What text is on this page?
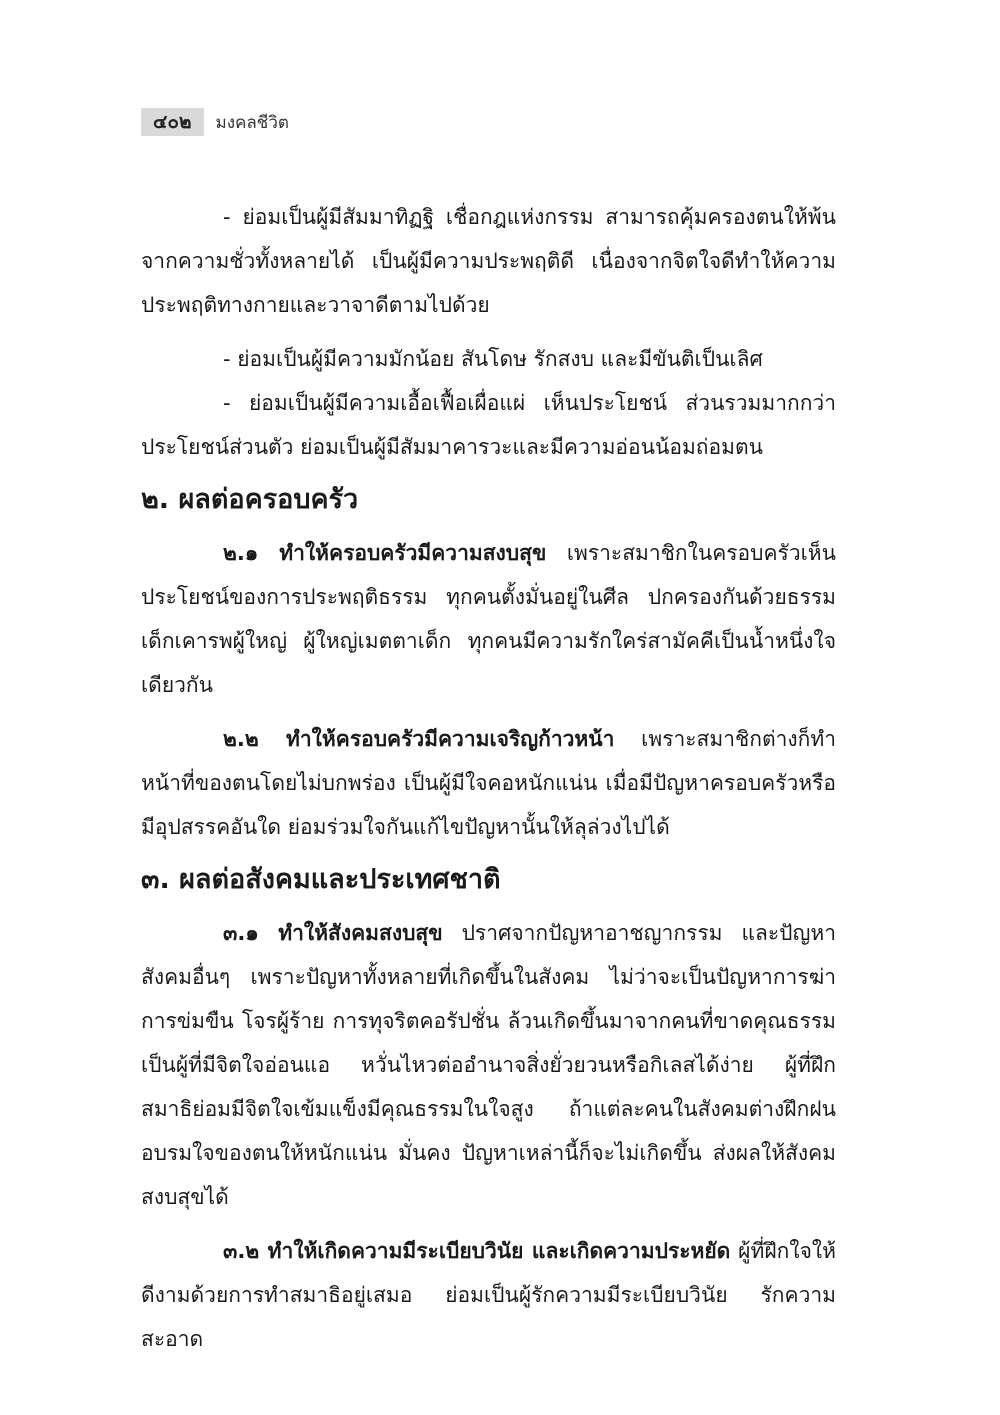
๔๐๒	มงคลชีวิต

- ย่อมเป็นผู้มีสัมมาทิฏฐิ เชื่อกฎแห่งกรรม สามารถคุ้มครองตนให้พ้นจากความชั่วทั้งหลายได้ เป็นผู้มีความประพฤติดี เนื่องจากจิตใจดีทำให้ความประพฤติทางกายและวาจาดีตามไปด้วย

- ย่อมเป็นผู้มีความมักน้อย สันโดษ รักสงบ และมีขันติเป็นเลิศ

- ย่อมเป็นผู้มีความเอื้อเฟื้อเผื่อแผ่ เห็นประโยชน์ ส่วนรวมมากกว่าประโยชน์ส่วนตัว ย่อมเป็นผู้มีสัมมาคารวะและมีความอ่อนน้อมถ่อมตน

๒. ผลต่อครอบครัว

๒.๑ ทำให้ครอบครัวมีความสงบสุข เพราะสมาชิกในครอบครัวเห็นประโยชน์ของการประพฤติธรรม ทุกคนตั้งมั่นอยู่ในศีล ปกครองกันด้วยธรรม เด็กเคารพผู้ใหญ่ ผู้ใหญ่เมตตาเด็ก ทุกคนมีความรักใคร่สามัคคีเป็นน้ำหนึ่งใจเดียวกัน

๒.๒ ทำให้ครอบครัวมีความเจริญก้าวหน้า เพราะสมาชิกต่างก็ทำหน้าที่ของตนโดยไม่บกพร่อง เป็นผู้มีใจคอหนักแน่น เมื่อมีปัญหาครอบครัวหรือมีอุปสรรคอันใด ย่อมร่วมใจกันแก้ไขปัญหานั้นให้ลุล่วงไปได้

๓. ผลต่อสังคมและประเทศชาติ

๓.๑ ทำให้สังคมสงบสุข ปราศจากปัญหาอาชญากรรม และปัญหาสังคมอื่นๆ เพราะปัญหาทั้งหลายที่เกิดขึ้นในสังคม ไม่ว่าจะเป็นปัญหาการฆ่าการข่มขืน โจรผู้ร้าย การทุจริตคอรัปชั่น ล้วนเกิดขึ้นมาจากคนที่ขาดคุณธรรมเป็นผู้ที่มีจิตใจอ่อนแอ หวั่นไหวต่ออำนาจสิ่งยั่วยวนหรือกิเลสได้ง่าย ผู้ที่ฝึกสมาธิย่อมมีจิตใจเข้มแข็งมีคุณธรรมในใจสูง ถ้าแต่ละคนในสังคมต่างฝึกฝนอบรมใจของตนให้หนักแน่น มั่นคง ปัญหาเหล่านี้ก็จะไม่เกิดขึ้น ส่งผลให้สังคมสงบสุขได้

๓.๒ ทำให้เกิดความมีระเบียบวินัย และเกิดความประหยัด ผู้ที่ฝึกใจให้ดีงามด้วยการทำสมาธิอยู่เสมอ ย่อมเป็นผู้รักความมีระเบียบวินัย รักความสะอาด
